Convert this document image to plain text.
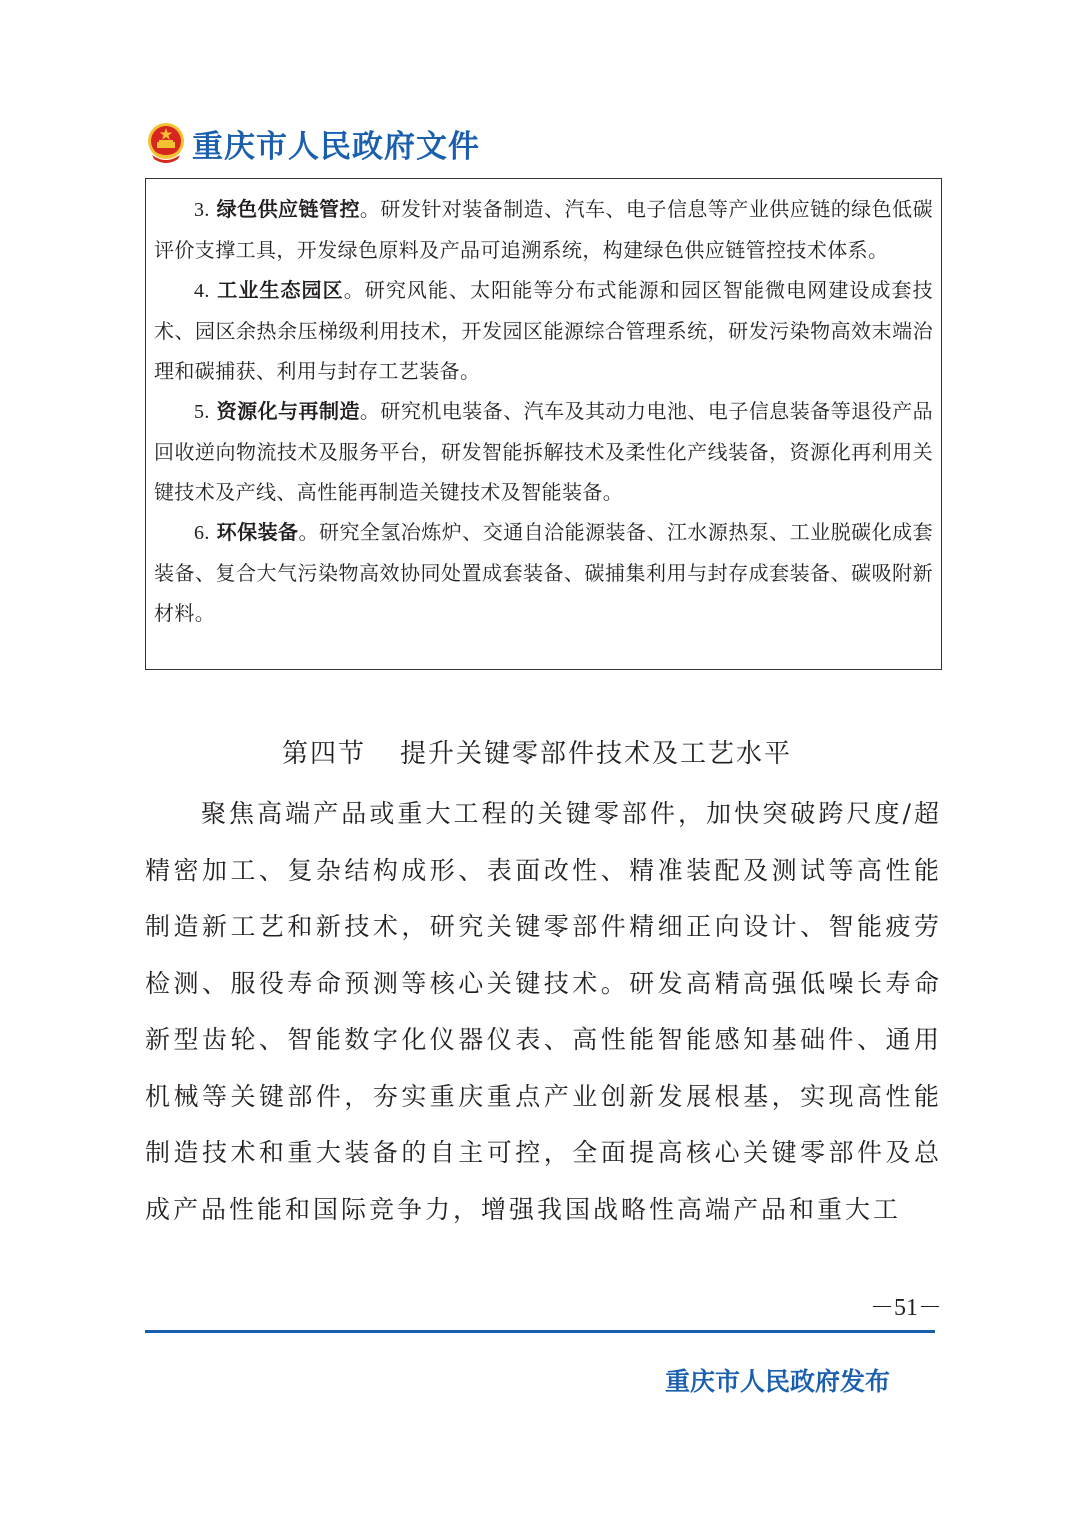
重庆市人民政府文件

3. 绿色供应链管控。研发针对装备制造、汽车、电子信息等产业供应链的绿色低碳评价支撑工具，开发绿色原料及产品可追溯系统，构建绿色供应链管控技术体系。

4. 工业生态园区。研究风能、太阳能等分布式能源和园区智能微电网建设成套技术、园区余热余压梯级利用技术，开发园区能源综合管理系统，研发污染物高效末端治理和碳捕获、利用与封存工艺装备。

5. 资源化与再制造。研究机电装备、汽车及其动力电池、电子信息装备等退役产品回收逆向物流技术及服务平台，研发智能拆解技术及柔性化产线装备，资源化再利用关键技术及产线、高性能再制造关键技术及智能装备。

6. 环保装备。研究全氢冶炼炉、交通自洽能源装备、江水源热泵、工业脱碳化成套装备、复合大气污染物高效协同处置成套装备、碳捕集利用与封存成套装备、碳吸附新材料。

第四节 提升关键零部件技术及工艺水平

聚焦高端产品或重大工程的关键零部件，加快突破跨尺度/超精密加工、复杂结构成形、表面改性、精准装配及测试等高性能制造新工艺和新技术，研究关键零部件精细正向设计、智能疲劳检测、服役寿命预测等核心关键技术。研发高精高强低噪长寿命新型齿轮、智能数字化仪器仪表、高性能智能感知基础件、通用机械等关键部件，夯实重庆重点产业创新发展根基，实现高性能制造技术和重大装备的自主可控，全面提高核心关键零部件及总成产品性能和国际竞争力，增强我国战略性高端产品和重大工

－51－
重庆市人民政府发布
